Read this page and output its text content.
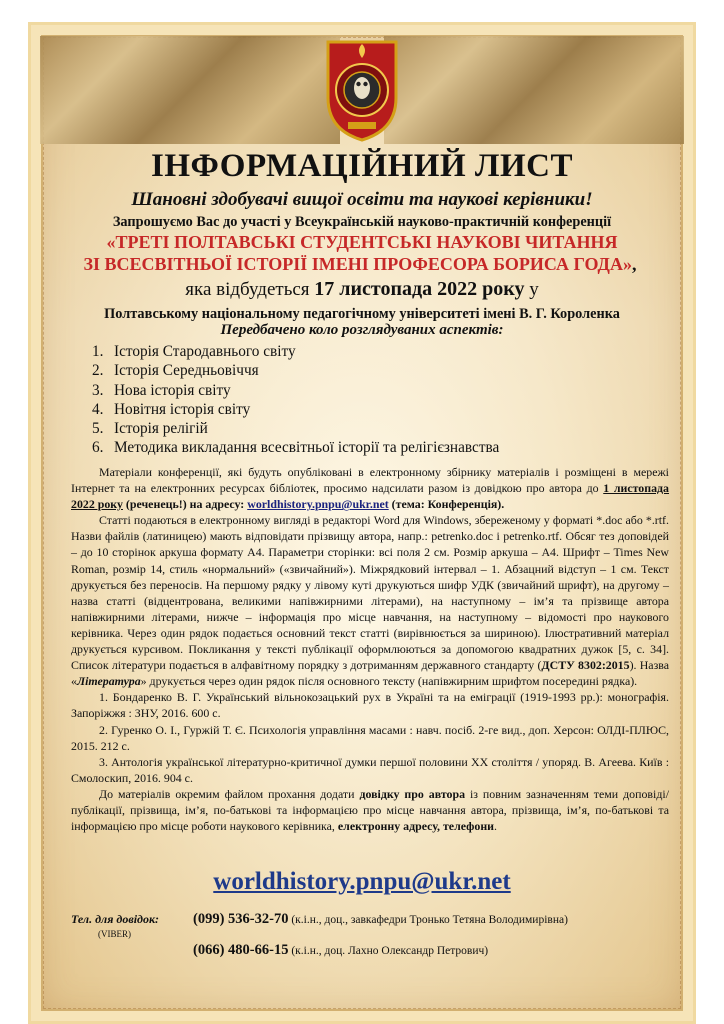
ІНФОРМАЦІЙНИЙ ЛИСТ
Шановні здобувачі вищої освіти та наукові керівники!
Запрошуємо Вас до участі у Всеукраїнській науково-практичній конференції
«ТРЕТІ ПОЛТАВСЬКІ СТУДЕНТСЬКІ НАУКОВІ ЧИТАННЯ
ЗІ ВСЕСВІТНЬОЇ ІСТОРІЇ ІМЕНІ ПРОФЕСОРА БОРИСА ГОДА»,
яка відбудеться 17 листопада 2022 року у
Полтавському національному педагогічному університеті імені В. Г. Короленка
Передбачено коло розглядуваних аспектів:
1. Історія Стародавнього світу
2. Історія Середньовіччя
3. Нова історія світу
4. Новітня історія світу
5. Історія релігій
6. Методика викладання всесвітньої історії та релігієзнавства

Матеріали конференції, які будуть опубліковані в електронному збірнику матеріалів і розміщені в мережі Інтернет та на електронних ресурсах бібліотек, просимо надсилати разом із довідкою про автора до 1 листопада 2022 року (реченець!) на адресу: worldhistory.pnpu@ukr.net (тема: Конференція).

Статті подаються в електронному вигляді в редакторі Word для Windows, збереженому у форматі *.doc або *.rtf. Назви файлів (латиницею) мають відповідати прізвищу автора, напр.: petrenko.doc і petrenko.rtf. Обсяг тез доповідей – до 10 сторінок аркуша формату А4. Параметри сторінки: всі поля 2 см. Розмір аркуша – А4. Шрифт – Times New Roman, розмір 14, стиль «нормальний» («звичайний»). Міжрядковий інтервал – 1. Абзацний відступ – 1 см. Текст друкується без переносів. На першому рядку у лівому куті друкуються шифр УДК (звичайний шрифт), на другому – назва статті (відцентрована, великими напівжирними літерами), на наступному – ім’я та прізвище автора напівжирними літерами, нижче – інформація про місце навчання, на наступному – відомості про наукового керівника. Через один рядок подається основний текст статті (вирівнюється за шириною). Ілюстративний матеріал друкується курсивом. Покликання у тексті публікації оформлюються за допомогою квадратних дужок [5, с. 34]. Список літератури подається в алфавітному порядку з дотриманням державного стандарту (ДСТУ 8302:2015). Назва «Література» друкується через один рядок після основного тексту (напівжирним шрифтом посередині рядка).

1. Бондаренко В. Г. Український вільнокозацький рух в Україні та на еміграції (1919-1993 рр.): монографія. Запоріжжя : ЗНУ, 2016. 600 с.

2. Гуренко О. І., Гуржій Т. Є. Психологія управління масами : навч. посіб. 2-ге вид., доп. Херсон: ОЛДІ-ПЛЮС, 2015. 212 с.

3. Антологія української літературно-критичної думки першої половини ХХ століття / упоряд. В. Агеева. Київ : Смолоскип, 2016. 904 с.

До матеріалів окремим файлом прохання додати довідку про автора із повним зазначенням теми доповіді/публікації, прізвища, ім’я, по-батькові та інформацією про місце навчання автора, прізвища, ім’я, по-батькові та інформацією про місце роботи наукового керівника, електронну адресу, телефони.

worldhistory.pnpu@ukr.net
Тел. для довідок: (099) 536-32-70 (к.і.н., доц., завкафедри Тронько Тетяна Володимирівна)
(VIBER)
(066) 480-66-15 (к.і.н., доц. Лахно Олександр Петрович)
